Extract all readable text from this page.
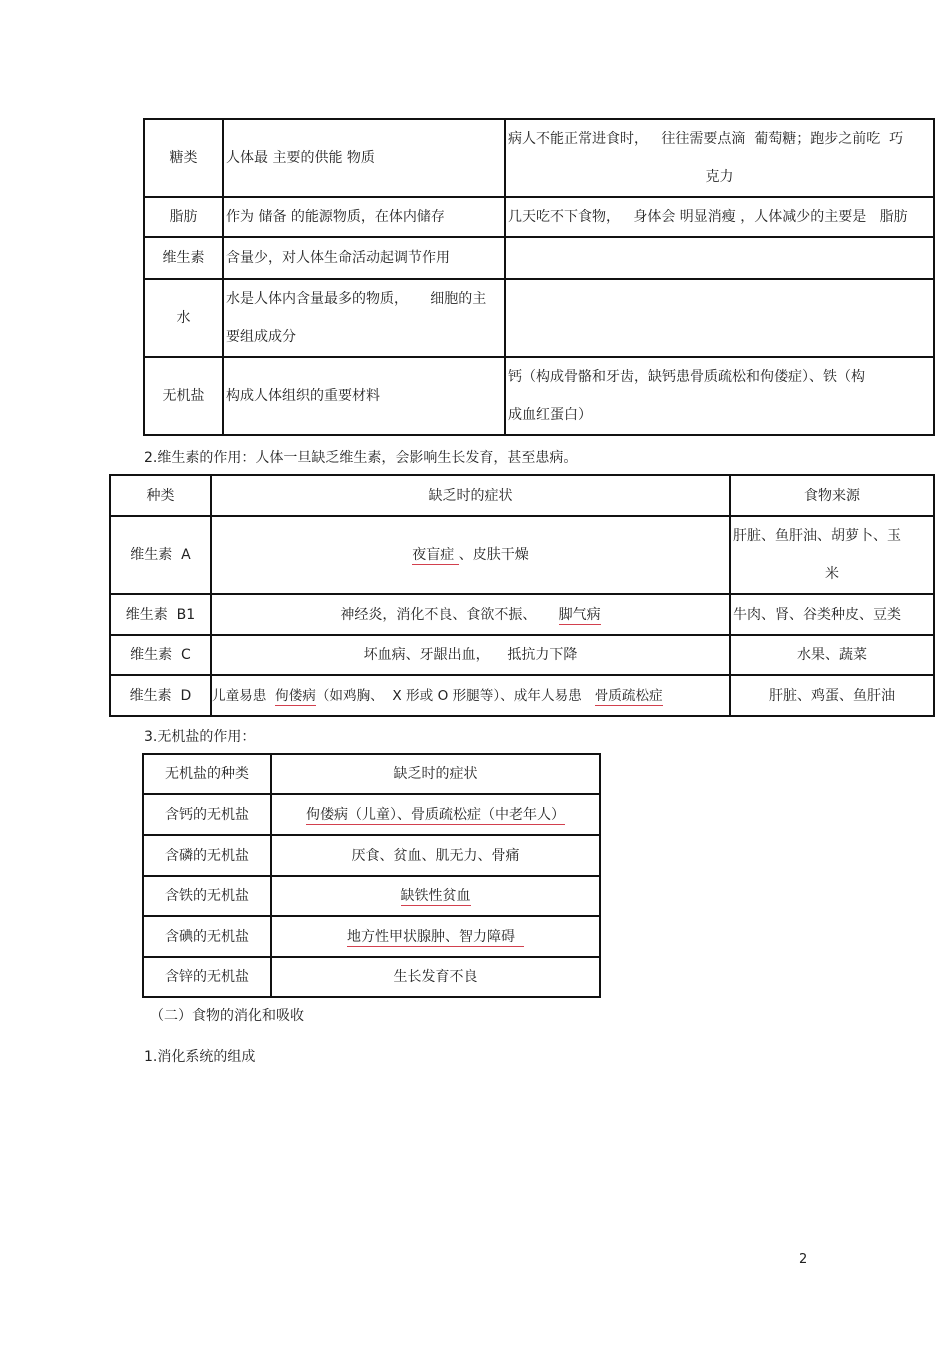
糖类	人体最 主要的供能 物质	病人不能正常进食时，   往往需要点滴  葡萄糖；跑步之前吃  巧
克力

脂肪	作为 储备 的能源物质，在体内储存	几天吃不下食物，   身体会 明显消瘦 ，人体减少的主要是   脂肪
维生素	含量少，对人体生命活动起调节作用	
水	水是人体内含量最多的物质，     细胞的主
要组成成分	

无机盐	构成人体组织的重要材料	钙（构成骨骼和牙齿，缺钙患骨质疏松和佝偻症）、铁（构
成血红蛋白）

2.维生素的作用：人体一旦缺乏维生素，会影响生长发育，甚至患病。

种类	缺乏时的症状	食物来源
维生素  A	夜盲症 、皮肤干燥	肝脏、鱼肝油、胡萝卜、玉
米

维生素  B1	神经炎，消化不良、食欲不振、     脚气病	牛肉、肾、谷类种皮、豆类
维生素  C	坏血病、牙龈出血，    抵抗力下降	水果、蔬菜
维生素  D	儿童易患  佝偻病（如鸡胸、  X 形或 O 形腿等）、成年人易患   骨质疏松症	肝脏、鸡蛋、鱼肝油

3.无机盐的作用：

无机盐的种类	缺乏时的症状
含钙的无机盐	佝偻病（儿童）、骨质疏松症（中老年人）
含磷的无机盐	厌食、贫血、肌无力、骨痛
含铁的无机盐	缺铁性贫血
含碘的无机盐	地方性甲状腺肿、智力障碍
含锌的无机盐	生长发育不良

（二）食物的消化和吸收

1.消化系统的组成

2
